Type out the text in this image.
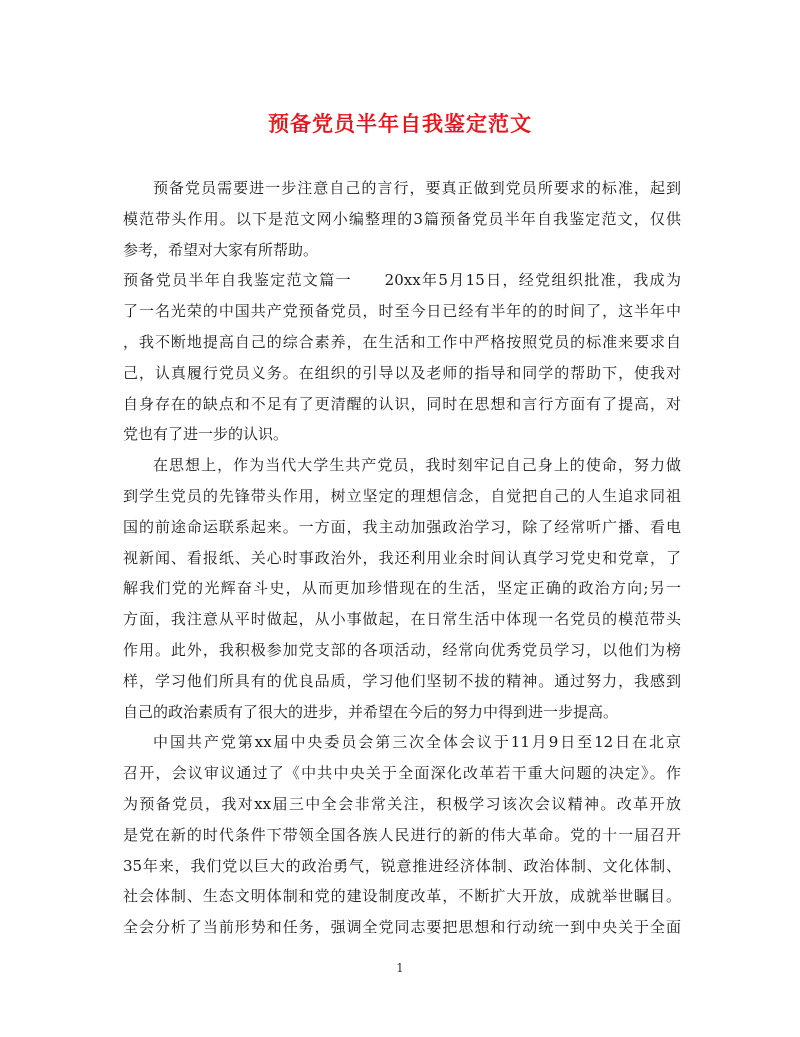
预备党员半年自我鉴定范文
预备党员需要进一步注意自己的言行，要真正做到党员所要求的标准，起到
模范带头作用。以下是范文网小编整理的3篇预备党员半年自我鉴定范文，仅供
参考，希望对大家有所帮助。
预备党员半年自我鉴定范文篇一　　20xx年5月15日，经党组织批准，我成为
了一名光荣的中国共产党预备党员，时至今日已经有半年的的时间了，这半年中
，我不断地提高自己的综合素养，在生活和工作中严格按照党员的标准来要求自
己，认真履行党员义务。在组织的引导以及老师的指导和同学的帮助下，使我对
自身存在的缺点和不足有了更清醒的认识，同时在思想和言行方面有了提高，对
党也有了进一步的认识。
在思想上，作为当代大学生共产党员，我时刻牢记自己身上的使命，努力做
到学生党员的先锋带头作用，树立坚定的理想信念，自觉把自己的人生追求同祖
国的前途命运联系起来。一方面，我主动加强政治学习，除了经常听广播、看电
视新闻、看报纸、关心时事政治外，我还利用业余时间认真学习党史和党章，了
解我们党的光辉奋斗史，从而更加珍惜现在的生活，坚定正确的政治方向;另一
方面，我注意从平时做起，从小事做起，在日常生活中体现一名党员的模范带头
作用。此外，我积极参加党支部的各项活动，经常向优秀党员学习，以他们为榜
样，学习他们所具有的优良品质，学习他们坚韧不拔的精神。通过努力，我感到
自己的政治素质有了很大的进步，并希望在今后的努力中得到进一步提高。
中国共产党第xx届中央委员会第三次全体会议于11月9日至12日在北京
召开，会议审议通过了《中共中央关于全面深化改革若干重大问题的决定》。作
为预备党员，我对xx届三中全会非常关注，积极学习该次会议精神。改革开放
是党在新的时代条件下带领全国各族人民进行的新的伟大革命。党的十一届召开
35年来，我们党以巨大的政治勇气，锐意推进经济体制、政治体制、文化体制、
社会体制、生态文明体制和党的建设制度改革，不断扩大开放，成就举世瞩目。
全会分析了当前形势和任务，强调全党同志要把思想和行动统一到中央关于全面
1
